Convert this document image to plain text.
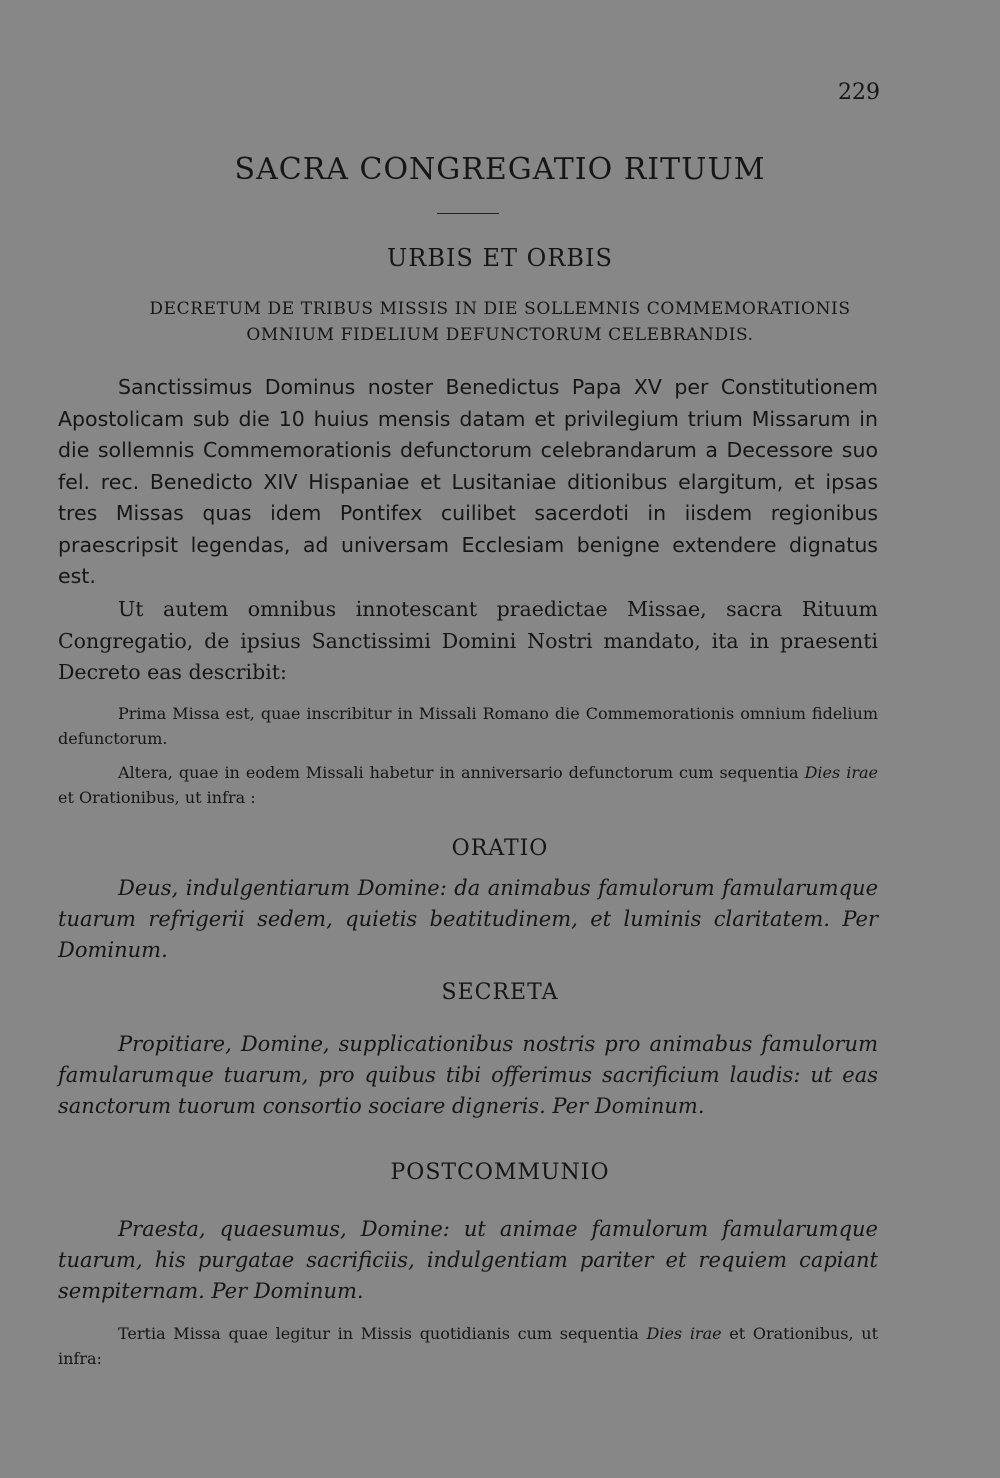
229
SACRA CONGREGATIO RITUUM
URBIS ET ORBIS
DECRETUM DE TRIBUS MISSIS IN DIE SOLLEMNIS COMMEMORATIONIS
OMNIUM FIDELIUM DEFUNCTORUM CELEBRANDIS.
Sanctissimus Dominus noster Benedictus Papa XV per Constitutionem Apostolicam sub die 10 huius mensis datam et privilegium trium Missarum in die sollemnis Commemorationis defunctorum celebrandarum a Decessore suo fel. rec. Benedicto XIV Hispaniae et Lusitaniae ditionibus elargitum, et ipsas tres Missas quas idem Pontifex cuilibet sacerdoti in iisdem regionibus praescripsit legendas, ad universam Ecclesiam benigne extendere dignatus est.
Ut autem omnibus innotescant praedictae Missae, sacra Rituum Congregatio, de ipsius Sanctissimi Domini Nostri mandato, ita in praesenti Decreto eas describit:
Prima Missa est, quae inscribitur in Missali Romano die Commemorationis omnium fidelium defunctorum.
Altera, quae in eodem Missali habetur in anniversario defunctorum cum sequentia Dies irae et Orationibus, ut infra :
ORATIO
Deus, indulgentiarum Domine: da animabus famulorum famularumque tuarum refrigerii sedem, quietis beatitudinem, et luminis claritatem. Per Dominum.
SECRETA
Propitiare, Domine, supplicationibus nostris pro animabus famulorum famularumque tuarum, pro quibus tibi offerimus sacrificium laudis: ut eas sanctorum tuorum consortio sociare digneris. Per Dominum.
POSTCOMMUNIO
Praesta, quaesumus, Domine: ut animae famulorum famularumque tuarum, his purgatae sacrificiis, indulgentiam pariter et requiem capiant sempiternam. Per Dominum.
Tertia Missa quae legitur in Missis quotidianis cum sequentia Dies irae et Orationibus, ut infra:
